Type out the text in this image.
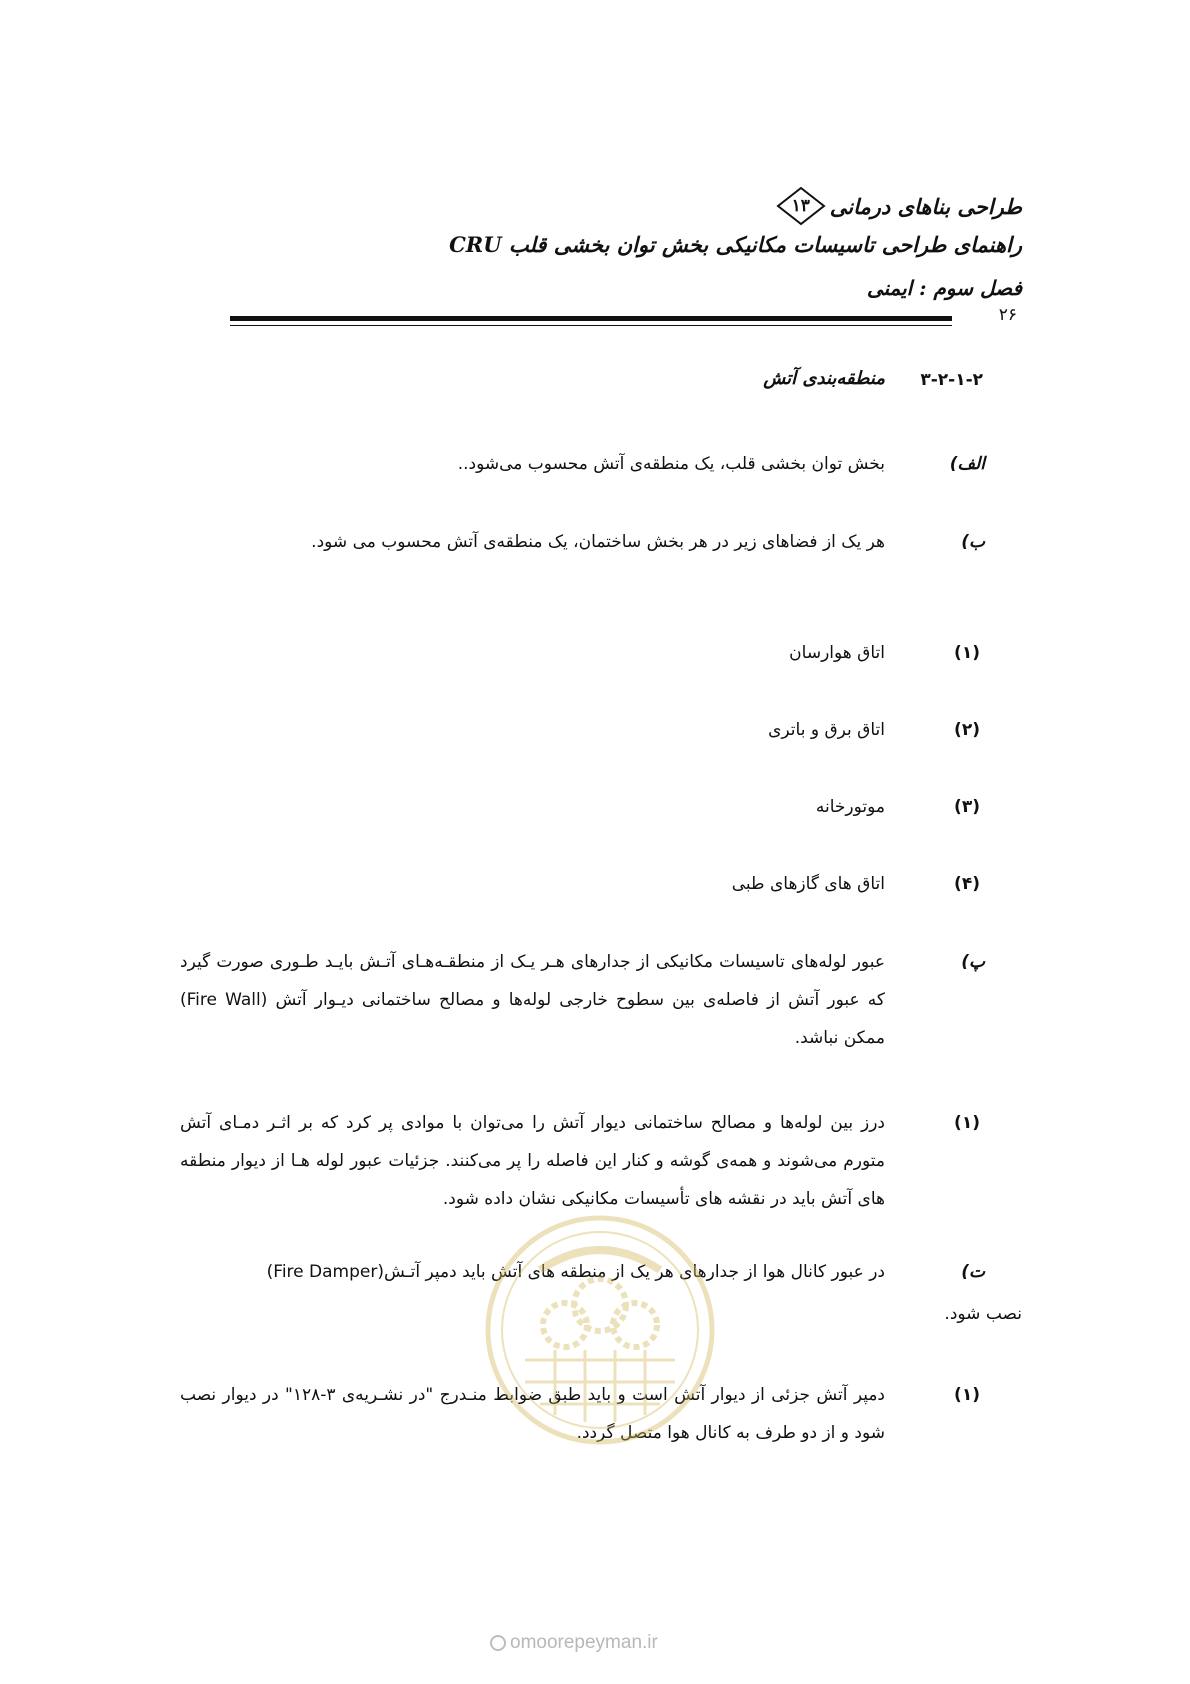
طراحی بناهای درمانی
۱۳
راهنمای طراحی تاسیسات مکانیکی بخش توان بخشی قلب CRU
فصل سوم : ایمنی
۲۶
۳-۲-۱-۲
منطقه‌بندی آتش
الف)
بخش توان بخشی قلب، یک منطقه‌ی آتش محسوب می‌شود..
ب)
هر یک از فضاهای زیر در هر بخش ساختمان، یک منطقه‌ی آتش محسوب می شود.
(۱)
اتاق هوارسان
(۲)
اتاق برق و باتری
(۳)
موتورخانه
(۴)
اتاق های گازهای طبی
پ)
عبور لوله‌های تاسیسات مکانیکی از جدارهای هـر یـک از منطقـه‌هـای آتـش بایـد طـوری صورت گیرد که عبور آتش از فاصله‌ی بین سطوح خارجی لوله‌ها و مصالح ساختمانی دیـوار آتش (Fire Wall) ممکن نباشد.
(۱)
درز بین لوله‌ها و مصالح ساختمانی دیوار آتش را می‌توان با موادی پر کرد که بر اثـر دمـای آتش متورم می‌شوند و همه‌ی گوشه و کنار این فاصله را پر می‌کنند. جزئیات عبور لوله هـا از دیوار منطقه های آتش باید در نقشه های تأسیسات مکانیکی نشان داده شود.
ت)
در عبور کانال هوا از جدارهای هر یک از منطقه های آتش باید دمپر آتـش(Fire Damper)
نصب شود.
(۱)
دمپر آتش جزئی از دیوار آتش است و باید طبق ضوابط منـدرج "در نشـریه‌ی ۳-۱۲۸" در دیوار نصب شود و از دو طرف به کانال هوا متصل گردد.
omoorepeyman.ir
